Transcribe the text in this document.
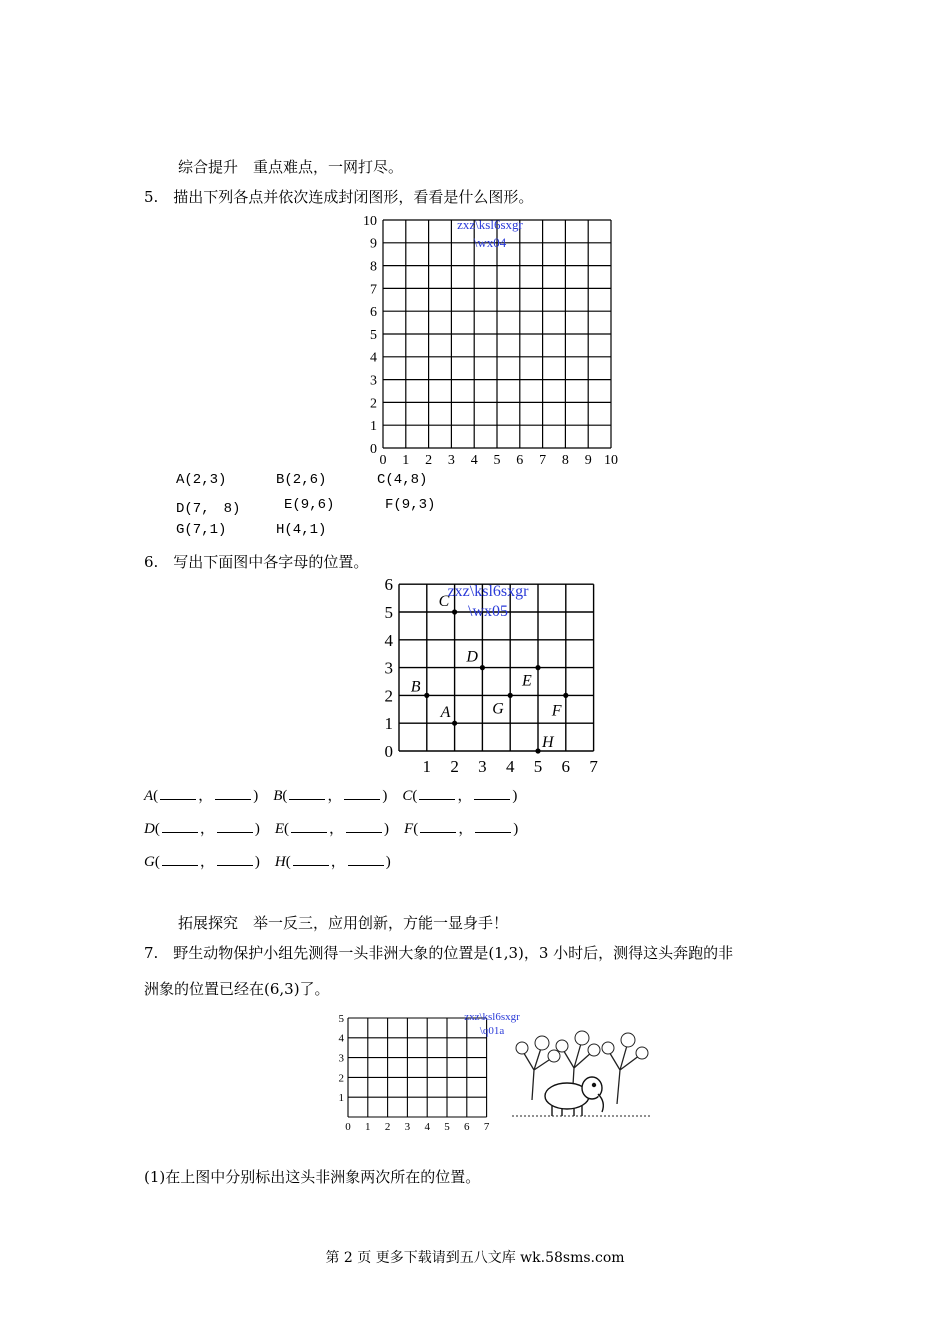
综合提升　重点难点，一网打尽。
5.　描出下列各点并依次连成封闭图形，看看是什么图形。
0 1 2 3 4 5 6 7 8 9 10
0
1
2
3
4
5
6
7
8
9
10	zxz\ksl6sxgr
\wx04
A(2,3)	B(2,6)	C(4,8)
D(7,　8)	E(9,6)	F(9,3)
G(7,1)	H(4,1)
6.　写出下面图中各字母的位置。
1 2 3 4 5 6 7
0
1
2
3
4
5
6
A
B
C
D
E
F
G
H
zxz\ksl6sxgr
\wx05
A(	，	) B(	，	) C(	，	)
D(	，	) E(	，	) F(	，	)
G(	，	) H(	，	)
拓展探究　举一反三，应用创新，方能一显身手！
7.　野生动物保护小组先测得一头非洲大象的位置是(1,3)，3 小时后，测得这头奔跑的非
洲象的位置已经在(6,3)了。
0 1 2 3 4 5 6 7
1
2
3
4
5	zxz\ksl6sxgr
\q01a
(1)在上图中分别标出这头非洲象两次所在的位置。
第 2 页 更多下载请到五八文库 wk.58sms.com
